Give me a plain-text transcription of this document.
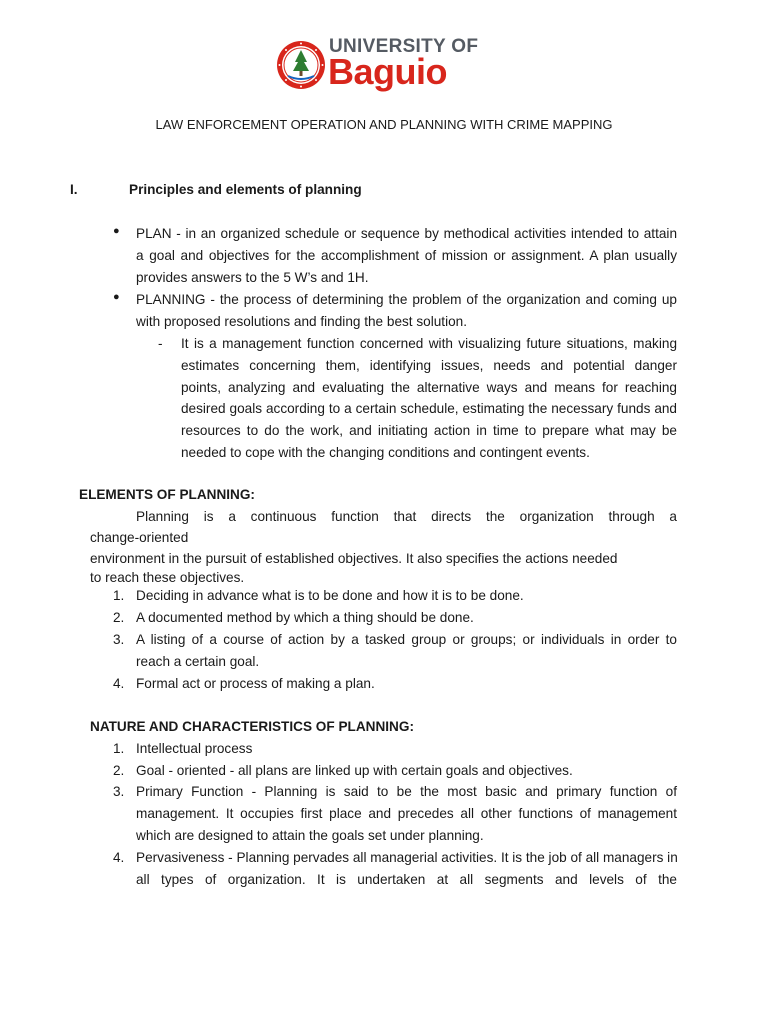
UNIVERSITY OF
Baguio
LAW ENFORCEMENT OPERATION AND PLANNING WITH CRIME MAPPING
I.	Principles and elements of planning
● PLAN - in an organized schedule or sequence by methodical activities intended to attain
a goal and objectives for the accomplishment of mission or assignment. A plan usually
provides answers to the 5 W’s and 1H.
● PLANNING - the process of determining the problem of the organization and coming up
with proposed resolutions and finding the best solution.
- It is a management function concerned with visualizing future situations, making
estimates concerning them, identifying issues, needs and potential danger
points, analyzing and evaluating the alternative ways and means for reaching
desired goals according to a certain schedule, estimating the necessary funds and
resources to do the work, and initiating action in time to prepare what may be
needed to cope with the changing conditions and contingent events.
ELEMENTS OF PLANNING:
Planning is a continuous function that directs the organization through a
change-oriented
environment in the pursuit of established objectives. It also specifies the actions needed
to reach these objectives.
1. Deciding in advance what is to be done and how it is to be done.
2. A documented method by which a thing should be done.
3. A listing of a course of action by a tasked group or groups; or individuals in order to
reach a certain goal.
4. Formal act or process of making a plan.
NATURE AND CHARACTERISTICS OF PLANNING:
1. Intellectual process
2. Goal - oriented - all plans are linked up with certain goals and objectives.
3. Primary Function - Planning is said to be the most basic and primary function of
management. It occupies first place and precedes all other functions of management
which are designed to attain the goals set under planning.
4. Pervasiveness - Planning pervades all managerial activities. It is the job of all managers in
all types of organization. It is undertaken at all segments and levels of the
